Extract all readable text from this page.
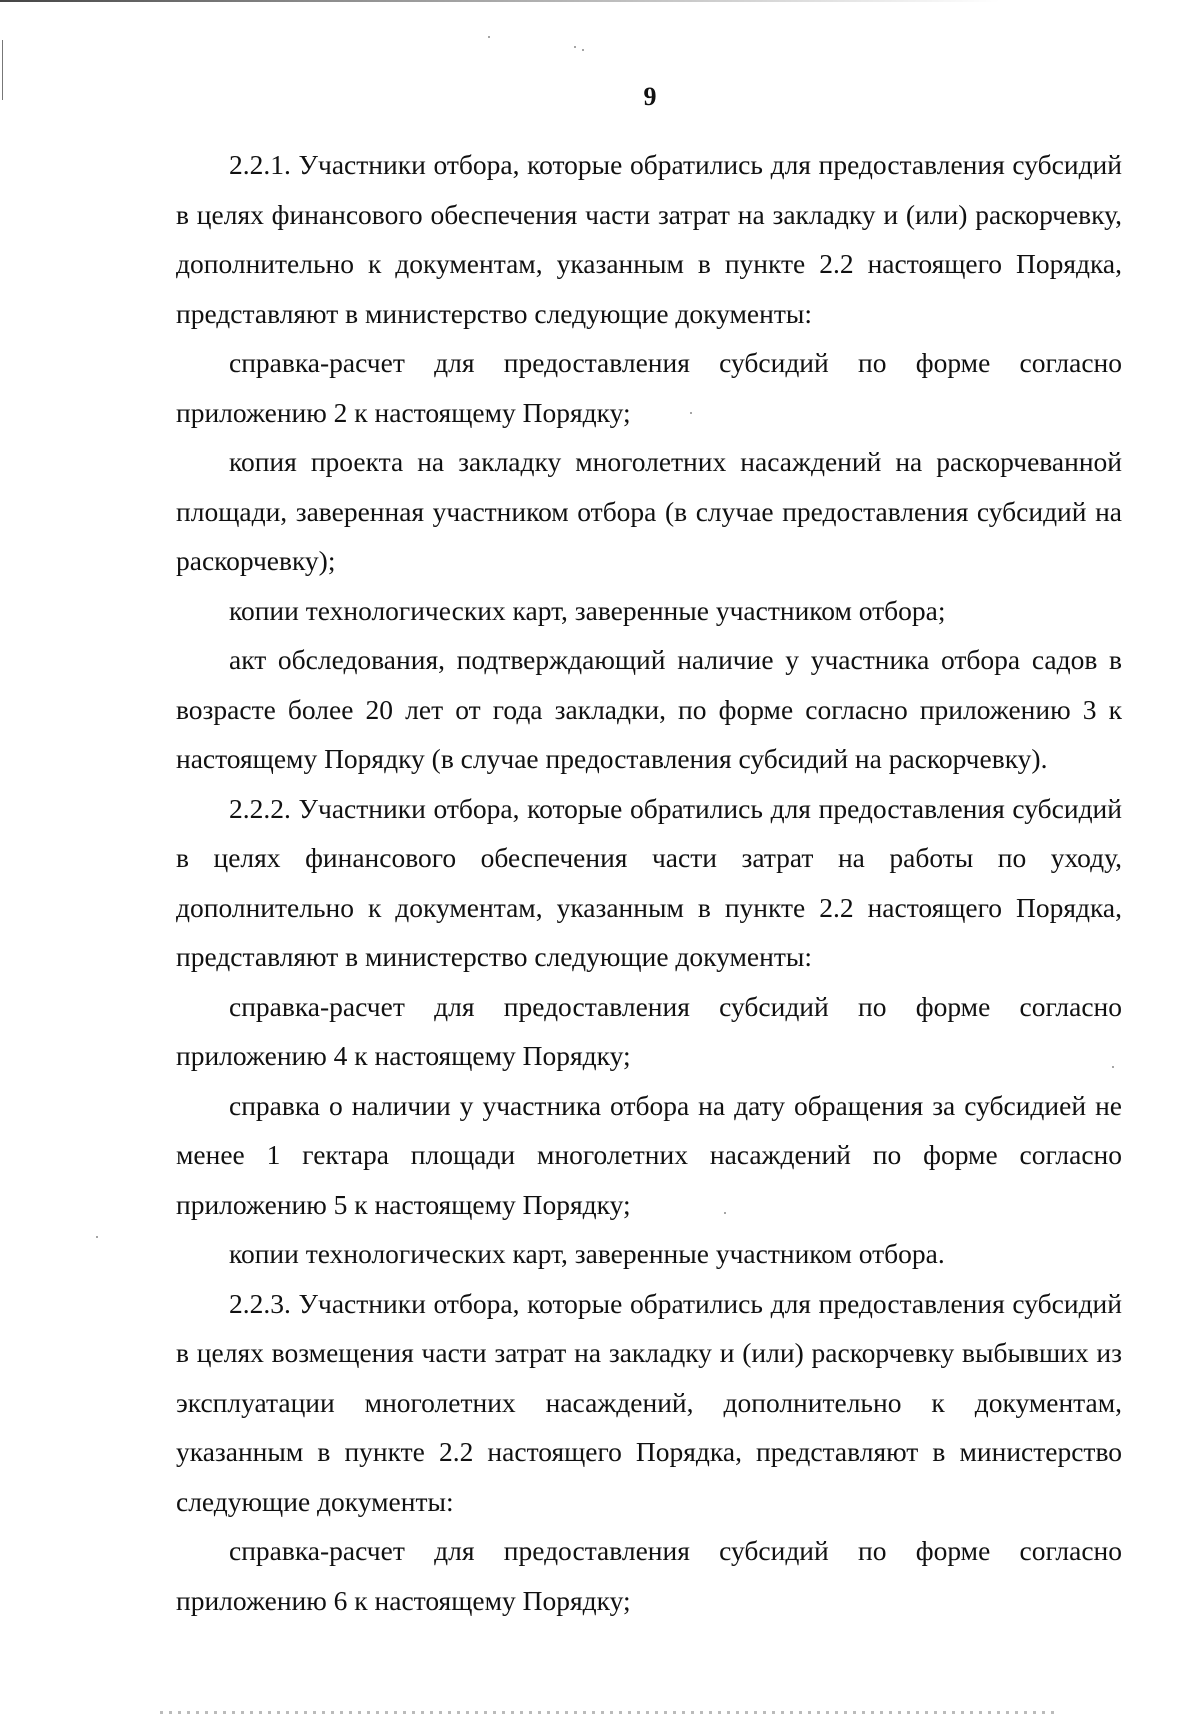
9

2.2.1. Участники отбора, которые обратились для предоставления субсидий в целях финансового обеспечения части затрат на закладку и (или) раскорчевку, дополнительно к документам, указанным в пункте 2.2 настоящего Порядка, представляют в министерство следующие документы:

справка-расчет для предоставления субсидий по форме согласно приложению 2 к настоящему Порядку;

копия проекта на закладку многолетних насаждений на раскорчеванной площади, заверенная участником отбора (в случае предоставления субсидий на раскорчевку);

копии технологических карт, заверенные участником отбора;

акт обследования, подтверждающий наличие у участника отбора садов в возрасте более 20 лет от года закладки, по форме согласно приложению 3 к настоящему Порядку (в случае предоставления субсидий на раскорчевку).

2.2.2. Участники отбора, которые обратились для предоставления субсидий в целях финансового обеспечения части затрат на работы по уходу, дополнительно к документам, указанным в пункте 2.2 настоящего Порядка, представляют в министерство следующие документы:

справка-расчет для предоставления субсидий по форме согласно приложению 4 к настоящему Порядку;

справка о наличии у участника отбора на дату обращения за субсидией не менее 1 гектара площади многолетних насаждений по форме согласно приложению 5 к настоящему Порядку;

копии технологических карт, заверенные участником отбора.

2.2.3. Участники отбора, которые обратились для предоставления субсидий в целях возмещения части затрат на закладку и (или) раскорчевку выбывших из эксплуатации многолетних насаждений, дополнительно к документам, указанным в пункте 2.2 настоящего Порядка, представляют в министерство следующие документы:

справка-расчет для предоставления субсидий по форме согласно приложению 6 к настоящему Порядку;
